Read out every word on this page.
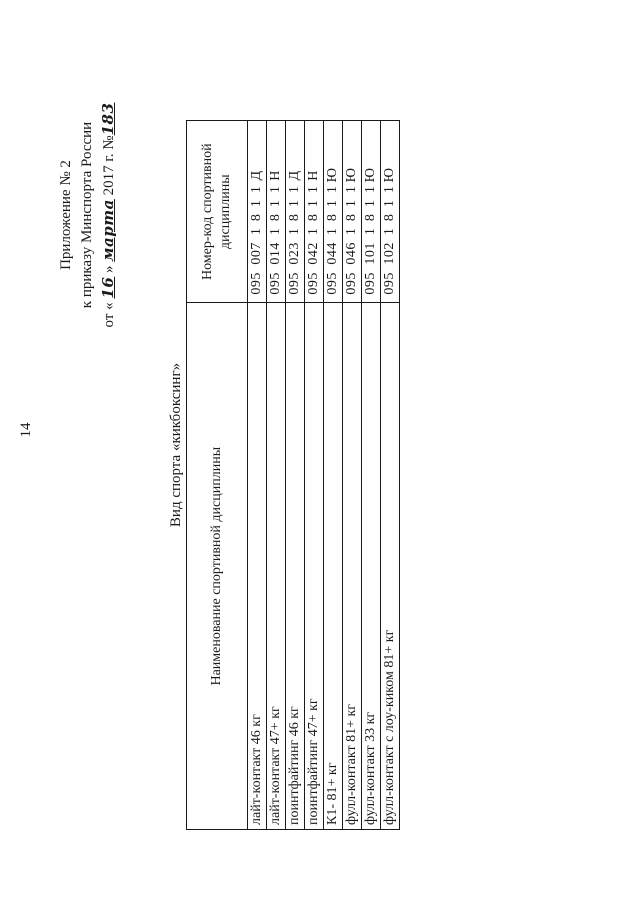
14
Приложение № 2 к приказу Минспорта России
от « 16 » марта 2017 г. №183
Вид спорта «кикбоксинг»
Наименование спортивной дисциплины	Номер-код спортивной дисциплины
лайт-контакт 46 кг	0950071811Д
лайт-контакт 47+ кг	0950141811Н
поинтфайтинг 46 кг	0950231811Д
поинтфайтинг 47+ кг	0950421811Н
К1- 81+ кг	0950441811Ю
фулл-контакт 81+ кг	0950461811Ю
фулл-контакт 33 кг	0951011811Ю
фулл-контакт с лоу-киком 81+ кг	0951021811Ю
